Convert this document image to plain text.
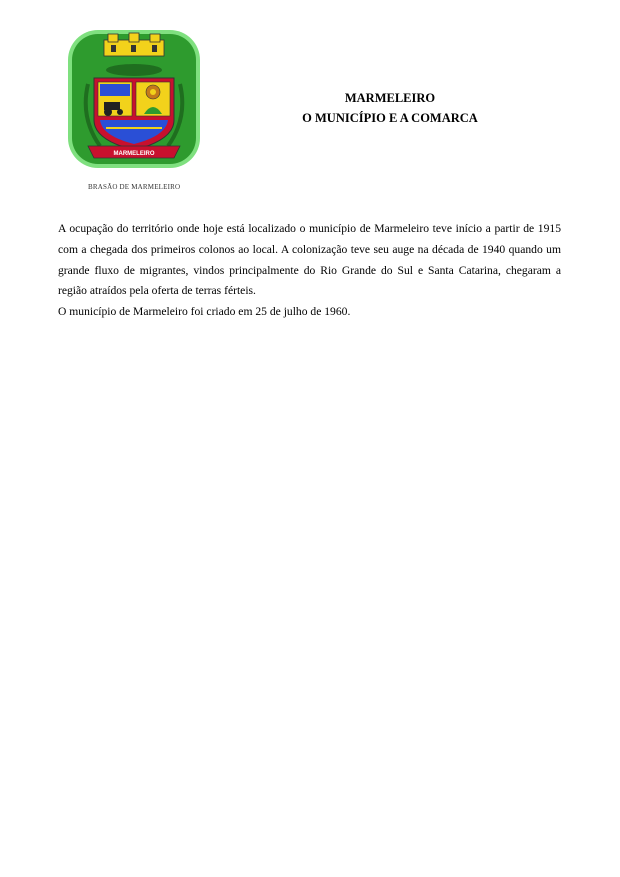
MARMELEIRO
BRASÃO DE MARMELEIRO
MARMELEIRO
O MUNICÍPIO E A COMARCA

A ocupação do território onde hoje está localizado o município de Marmeleiro teve início a partir de 1915 com a chegada dos primeiros colonos ao local. A colonização teve seu auge na década de 1940 quando um grande fluxo de migrantes, vindos principalmente do Rio Grande do Sul e Santa Catarina, chegaram a região atraídos pela oferta de terras férteis.

O município de Marmeleiro foi criado em 25 de julho de 1960.
